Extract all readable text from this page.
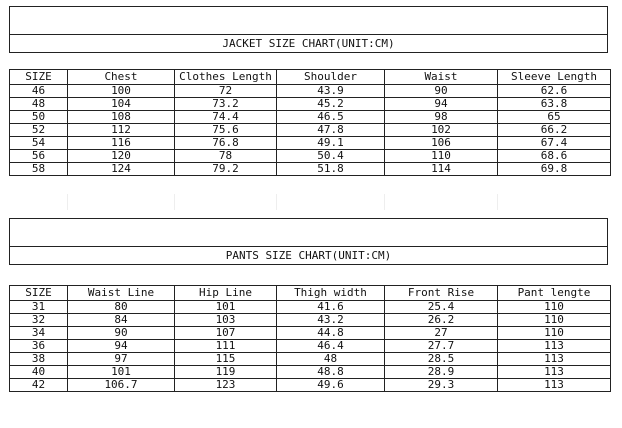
JACKET SIZE CHART(UNIT:CM)
SIZE	Chest	Clothes Length	Shoulder	Waist	Sleeve Length
46	100	72	43.9	90	62.6
48	104	73.2	45.2	94	63.8
50	108	74.4	46.5	98	65
52	112	75.6	47.8	102	66.2
54	116	76.8	49.1	106	67.4
56	120	78	50.4	110	68.6
58	124	79.2	51.8	114	69.8
PANTS SIZE CHART(UNIT:CM)
SIZE	Waist Line	Hip Line	Thigh width	Front Rise	Pant lengte
31	80	101	41.6	25.4	110
32	84	103	43.2	26.2	110
34	90	107	44.8	27	110
36	94	111	46.4	27.7	113
38	97	115	48	28.5	113
40	101	119	48.8	28.9	113
42	106.7	123	49.6	29.3	113
